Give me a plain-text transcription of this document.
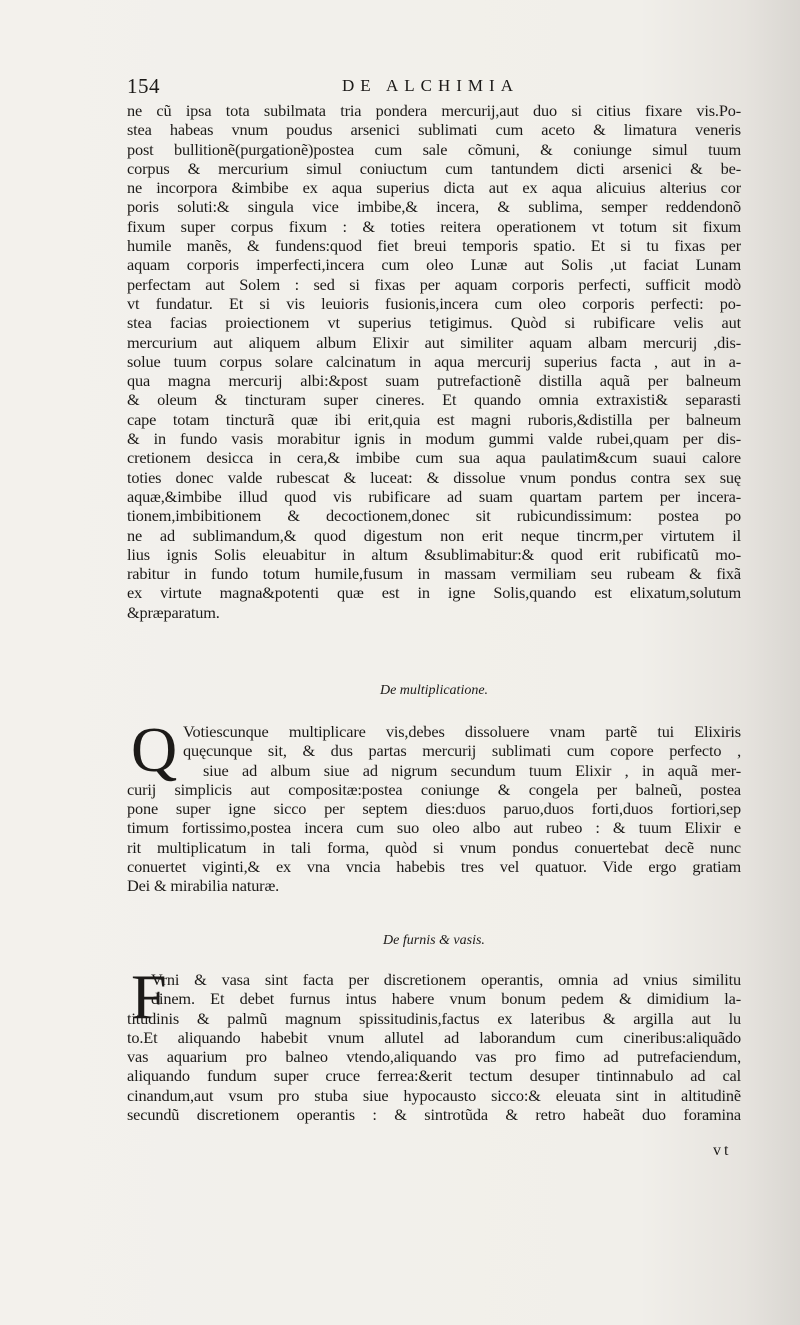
154	DE ALCHIMIA
ne cũ ipsa tota subilmata tria pondera mercurij,aut duo si citius fixare vis.Po-
stea habeas vnum poudus arsenici sublimati cum aceto & limatura veneris
post bullitionẽ(purgationẽ)postea cum sale cõmuni, & coniunge simul tuum
corpus & mercurium simul coniuctum cum tantundem dicti arsenici & be-
ne incorpora &imbibe ex aqua superius dicta aut ex aqua alicuius alterius cor
poris soluti:& singula vice imbibe,& incera, & sublima, semper reddendonõ
fixum super corpus fixum : & toties reitera operationem vt totum sit fixum
humile manẽs, & fundens:quod fiet breui temporis spatio. Et si tu fixas per
aquam corporis imperfecti,incera cum oleo Lunæ aut Solis ,ut faciat Lunam
perfectam aut Solem : sed si fixas per aquam corporis perfecti, sufficit modò
vt fundatur. Et si vis leuioris fusionis,incera cum oleo corporis perfecti: po-
stea facias proiectionem vt superius tetigimus. Quòd si rubificare velis aut
mercurium aut aliquem album Elixir aut similiter aquam albam mercurij ,dis-
solue tuum corpus solare calcinatum in aqua mercurij superius facta , aut in a-
qua magna mercurij albi:&post suam putrefactionẽ distilla aquã per balneum
& oleum & tincturam super cineres. Et quando omnia extraxisti& separasti
cape totam tincturã quæ ibi erit,quia est magni ruboris,&distilla per balneum
& in fundo vasis morabitur ignis in modum gummi valde rubei,quam per dis-
cretionem desicca in cera,& imbibe cum sua aqua paulatim&cum suaui calore
toties donec valde rubescat & luceat: & dissolue vnum pondus contra sex suę
aquæ,&imbibe illud quod vis rubificare ad suam quartam partem per incera-
tionem,imbibitionem & decoctionem,donec sit rubicundissimum: postea po
ne ad sublimandum,& quod digestum non erit neque tincrm,per virtutem il
lius ignis Solis eleuabitur in altum &sublimabitur:& quod erit rubificatũ mo-
rabitur in fundo totum humile,fusum in massam vermiliam seu rubeam & fixã
ex virtute magna&potenti quæ est in igne Solis,quando est elixatum,solutum
&præparatum.
De multiplicatione.
Q Votiescunque multiplicare vis,debes dissoluere vnam partẽ tui Elixiris
quęcunque sit, & dus partas mercurij sublimati cum copore perfecto ,
siue ad album siue ad nigrum secundum tuum Elixir , in aquã mer-
curij simplicis aut compositæ:postea coniunge & congela per balneũ, postea
pone super igne sicco per septem dies:duos paruo,duos forti,duos fortiori,sep
timum fortissimo,postea incera cum suo oleo albo aut rubeo : & tuum Elixir e
rit multiplicatum in tali forma, quòd si vnum pondus conuertebat decẽ nunc
conuertet viginti,& ex vna vncia habebis tres vel quatuor. Vide ergo gratiam
Dei & mirabilia naturæ.
De furnis & vasis.
F
Vrni & vasa sint facta per discretionem operantis, omnia ad vnius similitu
dinem. Et debet furnus intus habere vnum bonum pedem & dimidium la-
titudinis & palmũ magnum spissitudinis,factus ex lateribus & argilla aut lu
to.Et aliquando habebit vnum allutel ad laborandum cum cineribus:aliquãdo
vas aquarium pro balneo vtendo,aliquando vas pro fimo ad putrefaciendum,
aliquando fundum super cruce ferrea:&erit tectum desuper tintinnabulo ad cal
cinandum,aut vsum pro stuba siue hypocausto sicco:& eleuata sint in altitudinẽ
secundũ discretionem operantis : & sintrotũda & retro habeãt duo foramina
vt
